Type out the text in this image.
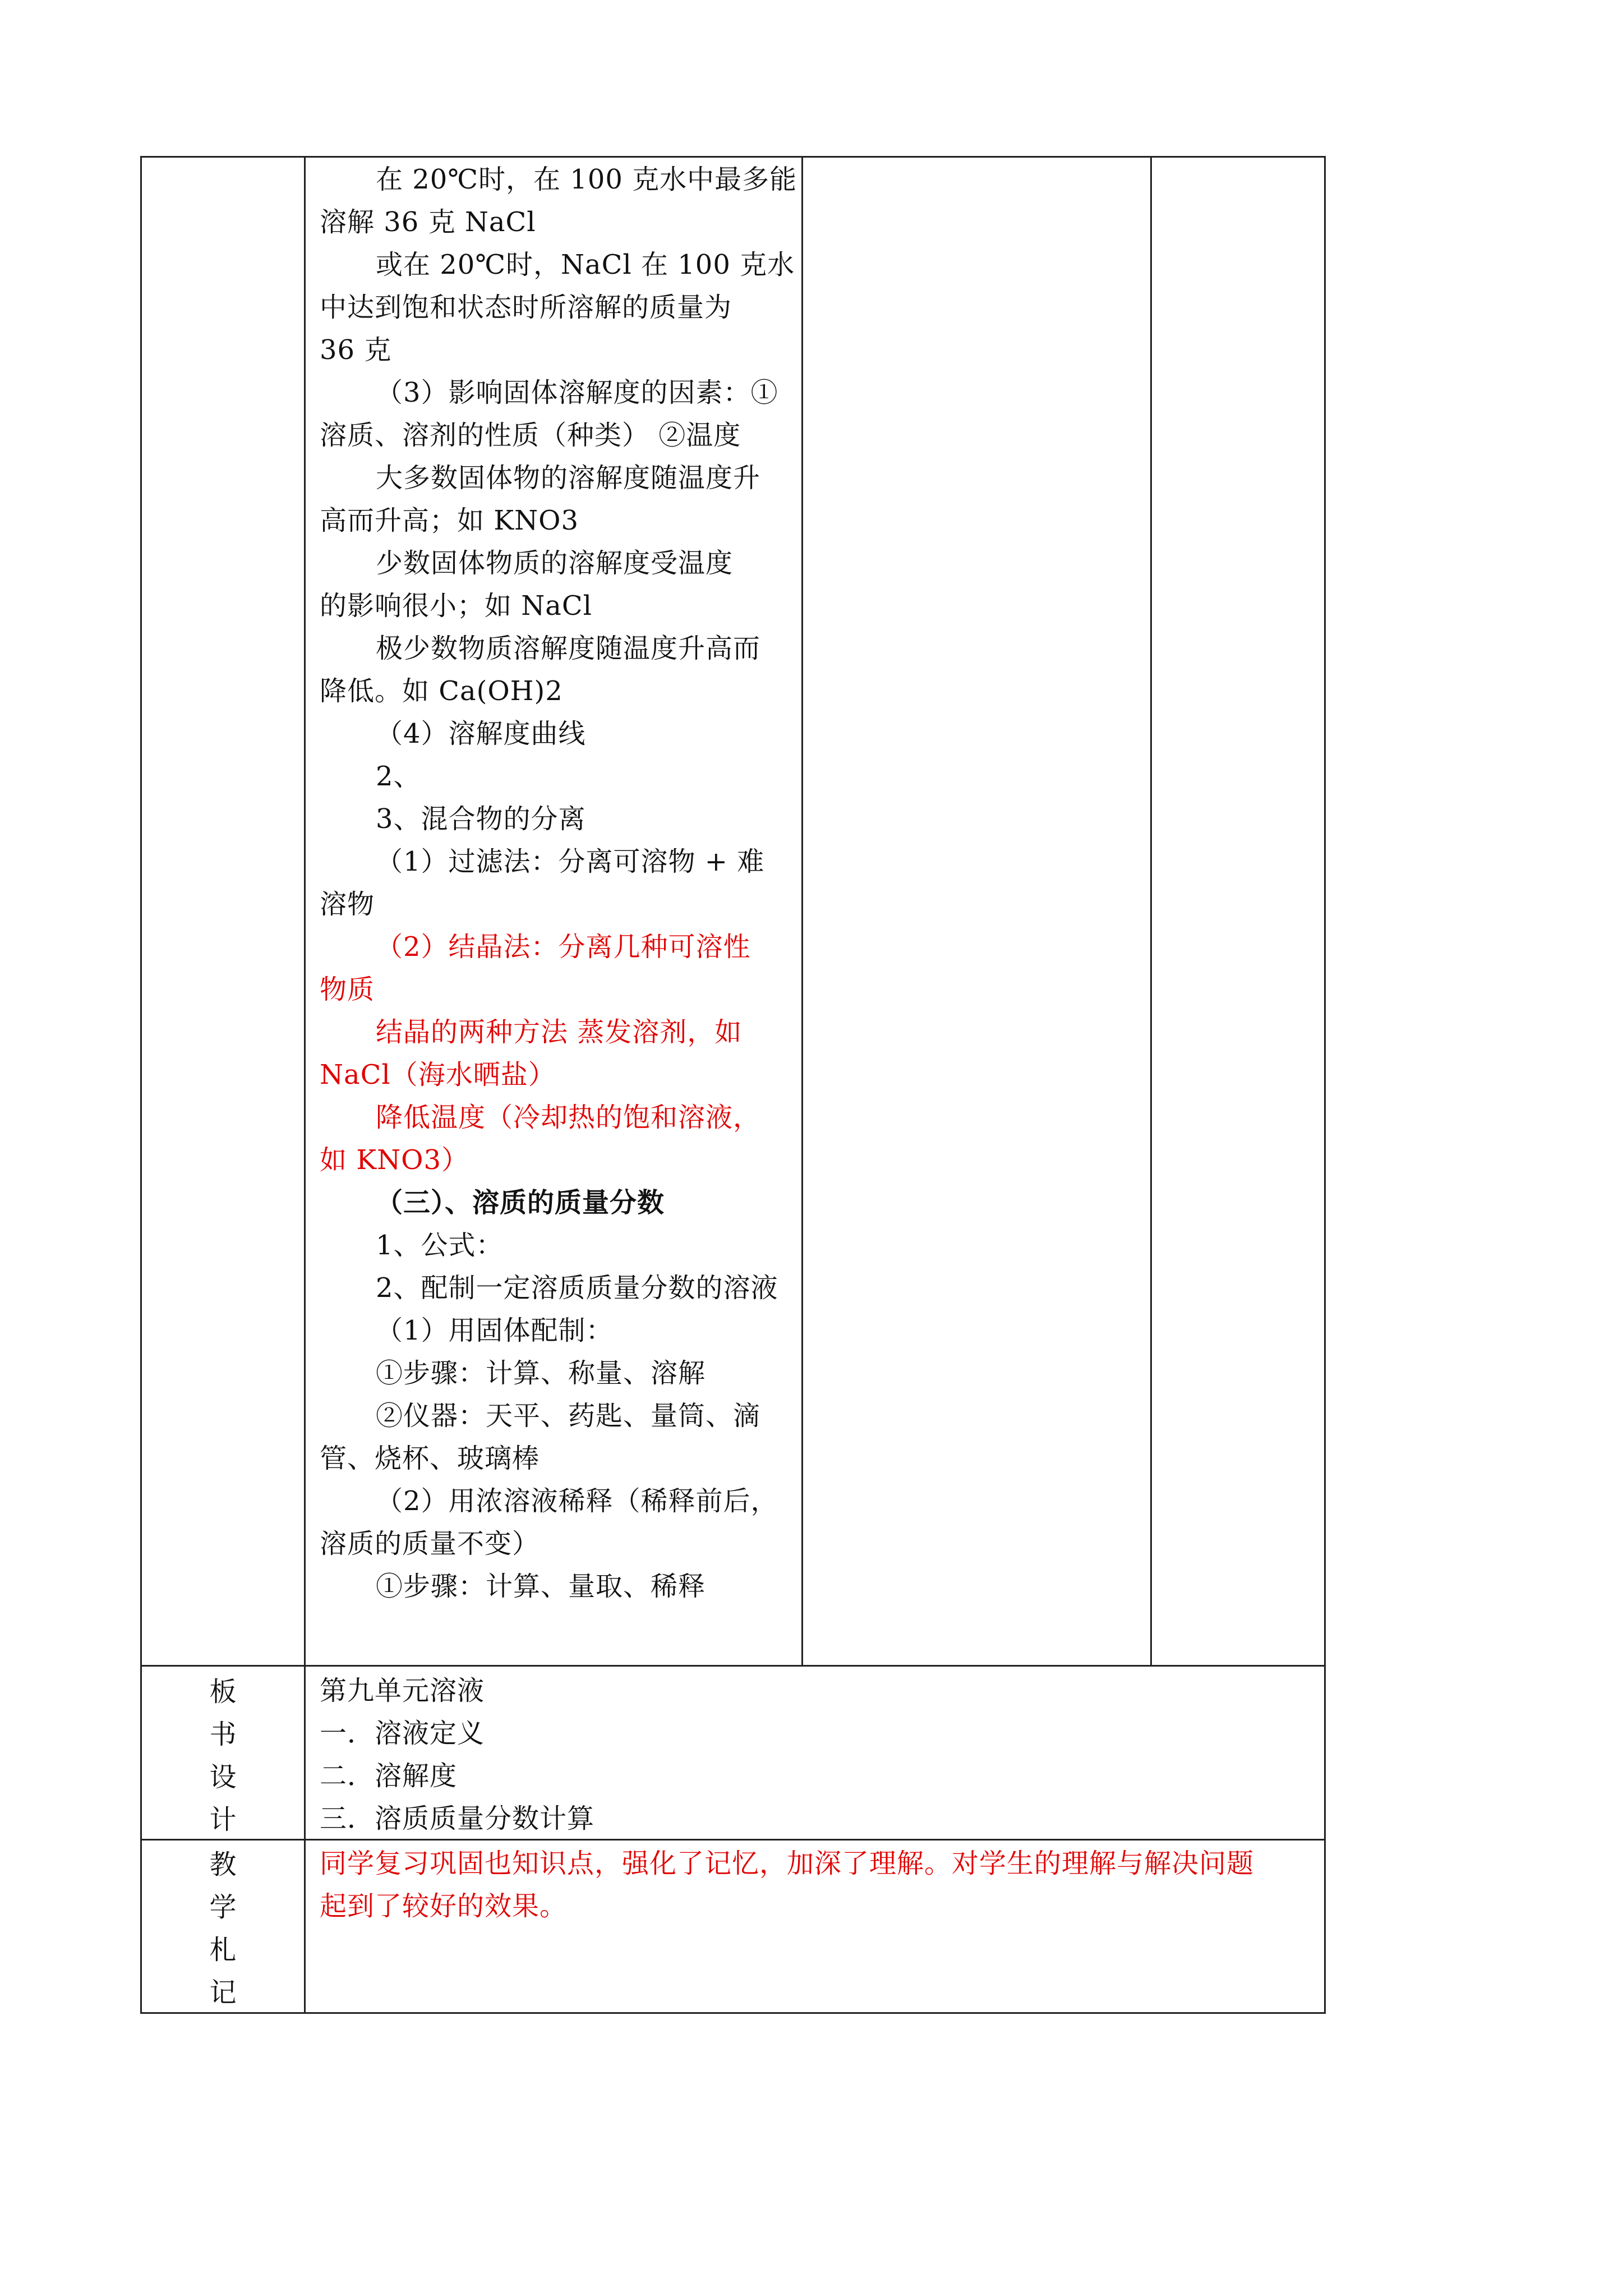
在 20℃时，在 100 克水中最多能
溶解 36 克 NaCl
或在 20℃时，NaCl 在 100 克水
中达到饱和状态时所溶解的质量为
36 克
（3）影响固体溶解度的因素：①
溶质、溶剂的性质（种类） ②温度
大多数固体物的溶解度随温度升
高而升高；如 KNO3
少数固体物质的溶解度受温度
的影响很小；如 NaCl
极少数物质溶解度随温度升高而
降低。如 Ca(OH)2
（4）溶解度曲线
2、
3、混合物的分离
（1）过滤法：分离可溶物 + 难
溶物
（2）结晶法：分离几种可溶性
物质
结晶的两种方法 蒸发溶剂，如
NaCl（海水晒盐）
降低温度（冷却热的饱和溶液，
如 KNO3）
（三）、溶质的质量分数
1、公式：
2、配制一定溶质质量分数的溶液
（1）用固体配制：
①步骤：计算、称量、溶解
②仪器：天平、药匙、量筒、滴
管、烧杯、玻璃棒
（2）用浓溶液稀释（稀释前后，
溶质的质量不变）
①步骤：计算、量取、稀释
板
书
设
计
第九单元溶液
一．溶液定义
二．溶解度
三．溶质质量分数计算
教
学
札
记
同学复习巩固也知识点，强化了记忆，加深了理解。对学生的理解与解决问题
起到了较好的效果。
